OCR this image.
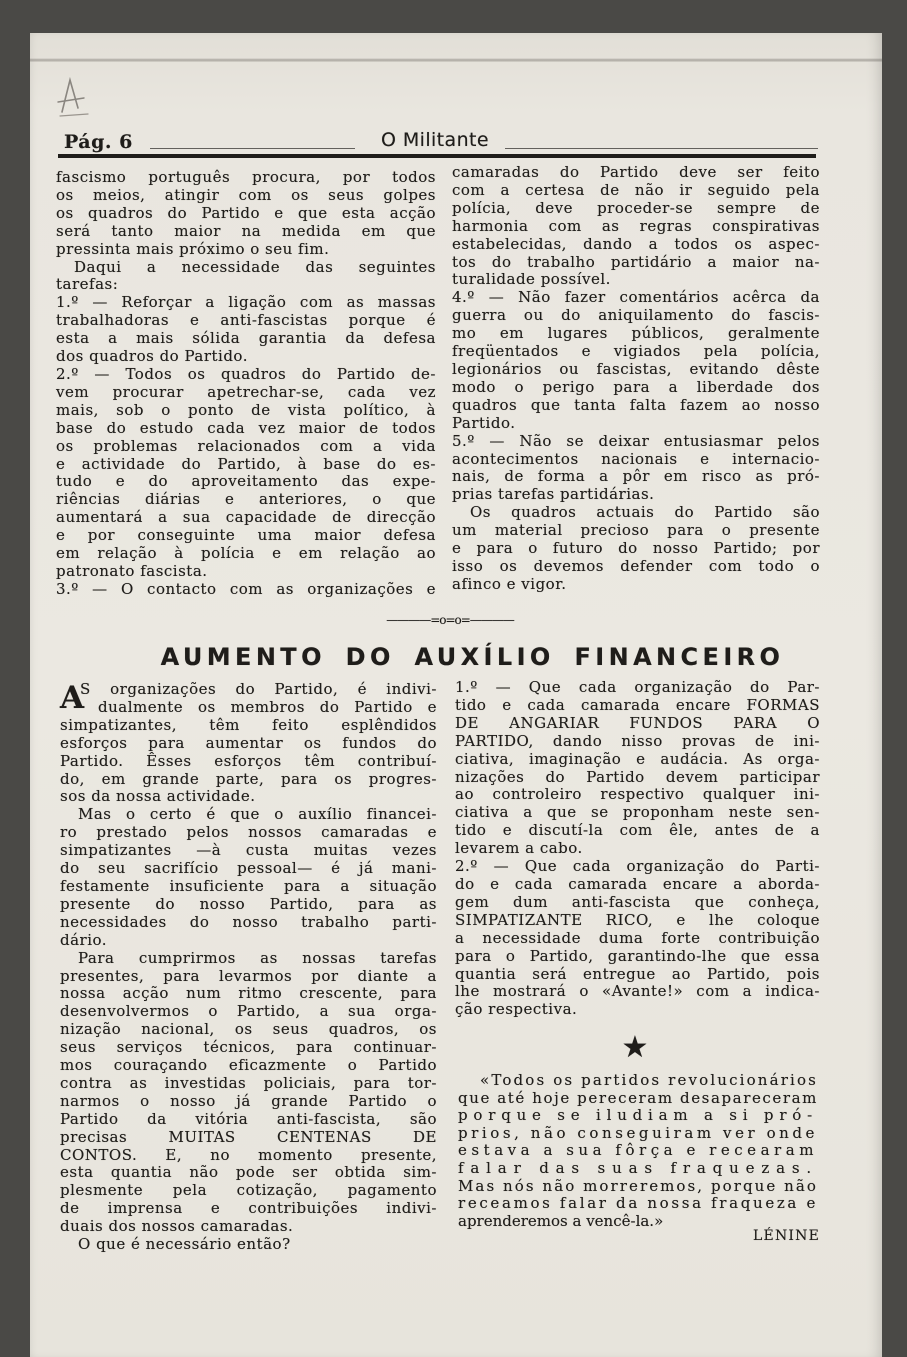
Pág. 6	O Militante
fascismo português procura, por todos
os meios, atingir com os seus golpes
os quadros do Partido e que esta acção
será tanto maior na medida em que
pressinta mais próximo o seu fim.
Daqui a necessidade das seguintes
tarefas:
1.º — Reforçar a ligação com as massas
trabalhadoras e anti-fascistas porque é
esta a mais sólida garantia da defesa
dos quadros do Partido.
2.º — Todos os quadros do Partido de-
vem procurar apetrechar-se, cada vez
mais, sob o ponto de vista político, à
base do estudo cada vez maior de todos
os problemas relacionados com a vida
e actividade do Partido, à base do es-
tudo e do aproveitamento das expe-
riências diárias e anteriores, o que
aumentará a sua capacidade de direcção
e por conseguinte uma maior defesa
em relação à polícia e em relação ao
patronato fascista.
3.º — O contacto com as organizações e
camaradas do Partido deve ser feito
com a certesa de não ir seguido pela
polícia, deve proceder-se sempre de
harmonia com as regras conspirativas
estabelecidas, dando a todos os aspec-
tos do trabalho partidário a maior na-
turalidade possível.
4.º — Não fazer comentários acêrca da
guerra ou do aniquilamento do fascis-
mo em lugares públicos, geralmente
freqüentados e vigiados pela polícia,
legionários ou fascistas, evitando dêste
modo o perigo para a liberdade dos
quadros que tanta falta fazem ao nosso
Partido.
5.º — Não se deixar entusiasmar pelos
acontecimentos nacionais e internacio-
nais, de forma a pôr em risco as pró-
prias tarefas partidárias.
Os quadros actuais do Partido são
um material precioso para o presente
e para o futuro do nosso Partido; por
isso os devemos defender com todo o
afinco e vigor.
————=o=o=————
AUMENTO DO AUXÍLIO FINANCEIRO
A
S organizações do Partido, é indivi-
dualmente os membros do Partido e
simpatizantes, têm feito esplêndidos
esforços para aumentar os fundos do
Partido. Êsses esforços têm contribuí-
do, em grande parte, para os progres-
sos da nossa actividade.
Mas o certo é que o auxílio financei-
ro prestado pelos nossos camaradas e
simpatizantes —à custa muitas vezes
do seu sacrifício pessoal— é já mani-
festamente insuficiente para a situação
presente do nosso Partido, para as
necessidades do nosso trabalho parti-
dário.
Para cumprirmos as nossas tarefas
presentes, para levarmos por diante a
nossa acção num ritmo crescente, para
desenvolvermos o Partido, a sua orga-
nização nacional, os seus quadros, os
seus serviços técnicos, para continuar-
mos couraçando eficazmente o Partido
contra as investidas policiais, para tor-
narmos o nosso já grande Partido o
Partido da vitória anti-fascista, são
precisas MUITAS CENTENAS DE
CONTOS. E, no momento presente,
esta quantia não pode ser obtida sim-
plesmente pela cotização, pagamento
de imprensa e contribuições indivi-
duais dos nossos camaradas.
O que é necessário então?
1.º — Que cada organização do Par-
tido e cada camarada encare FORMAS
DE ANGARIAR FUNDOS PARA O
PARTIDO, dando nisso provas de ini-
ciativa, imaginação e audácia. As orga-
nizações do Partido devem participar
ao controleiro respectivo qualquer ini-
ciativa a que se proponham neste sen-
tido e discutí-la com êle, antes de a
levarem a cabo.
2.º — Que cada organização do Parti-
do e cada camarada encare a aborda-
gem dum anti-fascista que conheça,
SIMPATIZANTE RICO, e lhe coloque
a necessidade duma forte contribuição
para o Partido, garantindo-lhe que essa
quantia será entregue ao Partido, pois
lhe mostrará o «Avante!» com a indica-
ção respectiva.
★
«Todos os partidos revolucionários
que até hoje pereceram desapareceram
porque se iludiam a si pró-
prios, não conseguiram ver onde
estava a sua fôrça e recearam
falar das suas fraquezas.
Mas nós não morreremos, porque não
receamos falar da nossa fraqueza e
aprenderemos a vencê-la.»
LÉNINE
